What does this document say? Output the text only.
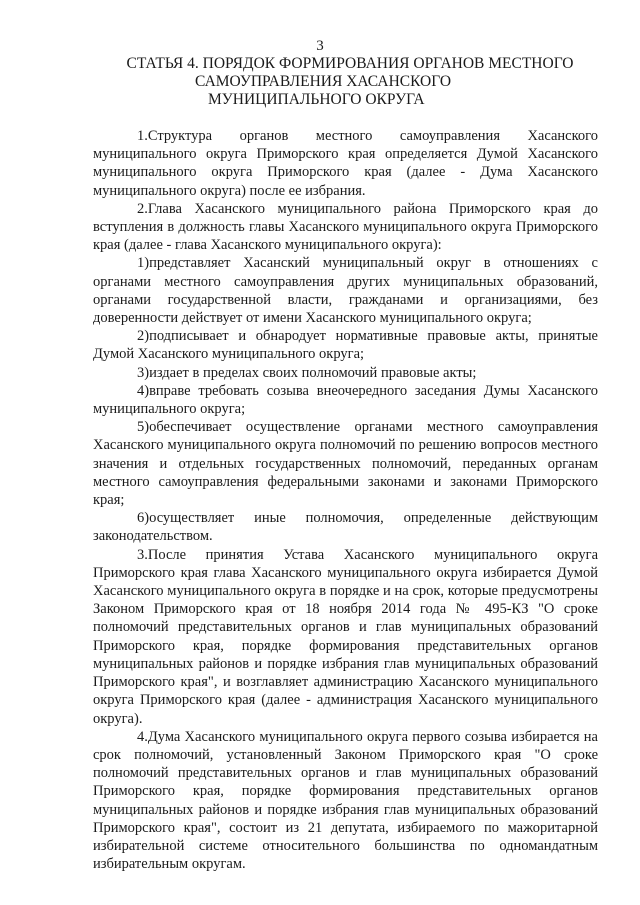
3
СТАТЬЯ 4. ПОРЯДОК ФОРМИРОВАНИЯ ОРГАНОВ МЕСТНОГО
САМОУПРАВЛЕНИЯ ХАСАНСКОГО
МУНИЦИПАЛЬНОГО ОКРУГА

1.Структура органов местного самоуправления Хасанского муниципального округа Приморского края определяется Думой Хасанского муниципального округа Приморского края (далее - Дума Хасанского муниципального округа) после ее избрания.

2.Глава Хасанского муниципального района Приморского края до вступления в должность главы Хасанского муниципального округа Приморского края (далее - глава Хасанского муниципального округа):

1)представляет Хасанский муниципальный округ в отношениях с органами местного самоуправления других муниципальных образований, органами государственной власти, гражданами и организациями, без доверенности действует от имени Хасанского муниципального округа;

2)подписывает и обнародует нормативные правовые акты, принятые Думой Хасанского муниципального округа;

3)издает в пределах своих полномочий правовые акты;

4)вправе требовать созыва внеочередного заседания Думы Хасанского муниципального округа;

5)обеспечивает осуществление органами местного самоуправления Хасанского муниципального округа полномочий по решению вопросов местного значения и отдельных государственных полномочий, переданных органам местного самоуправления федеральными законами и законами Приморского края;

6)осуществляет иные полномочия, определенные действующим законодательством.

3.После принятия Устава Хасанского муниципального округа Приморского края глава Хасанского муниципального округа избирается Думой Хасанского муниципального округа в порядке и на срок, которые предусмотрены Законом Приморского края от 18 ноября 2014 года № 495-КЗ "О сроке полномочий представительных органов и глав муниципальных образований Приморского края, порядке формирования представительных органов муниципальных районов и порядке избрания глав муниципальных образований Приморского края", и возглавляет администрацию Хасанского муниципального округа Приморского края (далее - администрация Хасанского муниципального округа).

4.Дума Хасанского муниципального округа первого созыва избирается на срок полномочий, установленный Законом Приморского края "О сроке полномочий представительных органов и глав муниципальных образований Приморского края, порядке формирования представительных органов муниципальных районов и порядке избрания глав муниципальных образований Приморского края", состоит из 21 депутата, избираемого по мажоритарной избирательной системе относительного большинства по одномандатным избирательным округам.
